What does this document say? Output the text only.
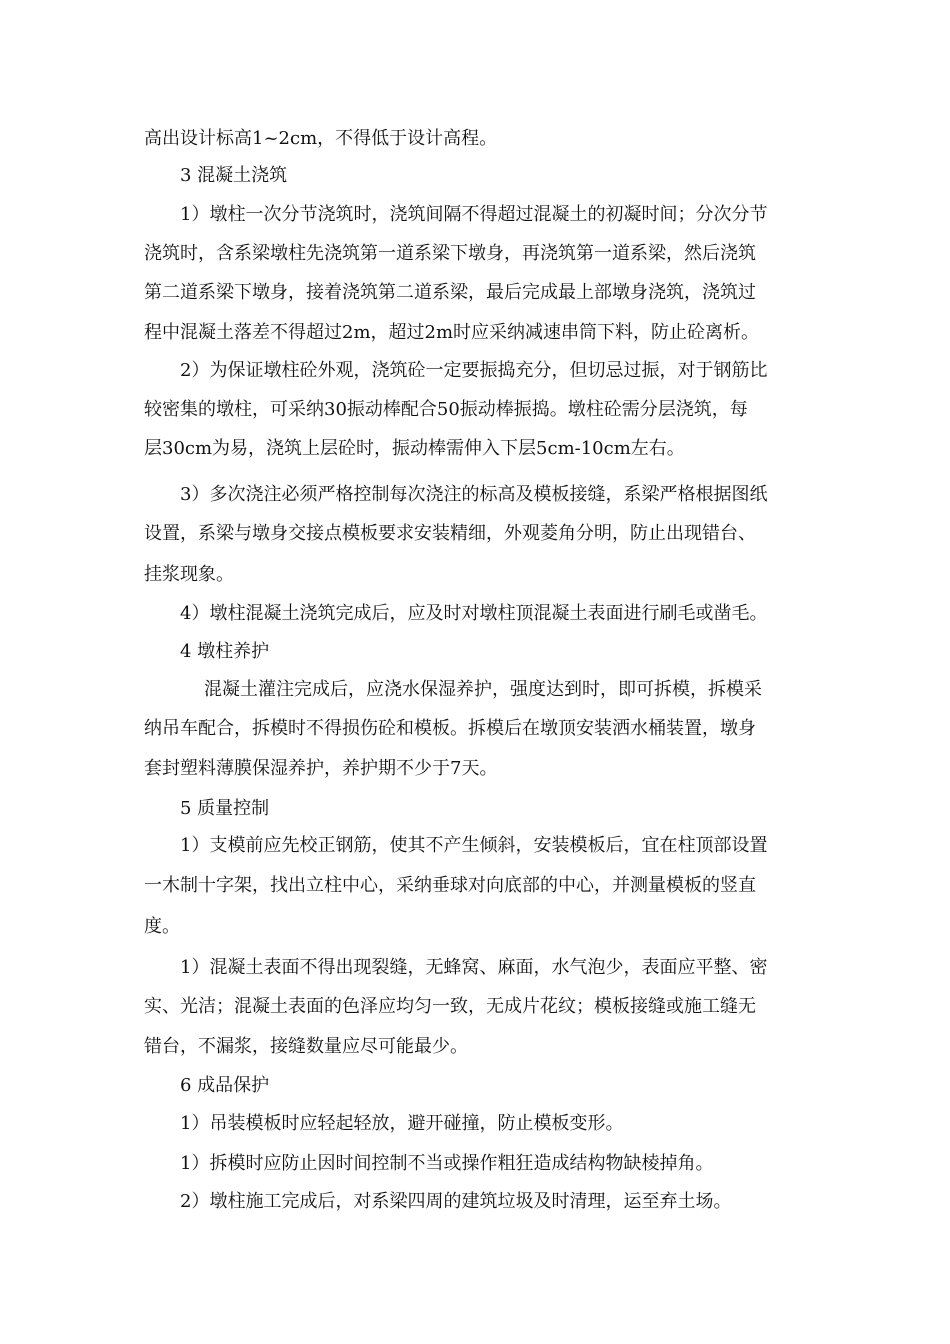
高出设计标高1~2cm，不得低于设计高程。
3 混凝土浇筑
1）墩柱一次分节浇筑时，浇筑间隔不得超过混凝土的初凝时间；分次分节
浇筑时，含系梁墩柱先浇筑第一道系梁下墩身，再浇筑第一道系梁，然后浇筑
第二道系梁下墩身，接着浇筑第二道系梁，最后完成最上部墩身浇筑，浇筑过
程中混凝土落差不得超过2m，超过2m时应采纳减速串筒下料，防止砼离析。
2）为保证墩柱砼外观，浇筑砼一定要振捣充分，但切忌过振，对于钢筋比
较密集的墩柱，可采纳30振动棒配合50振动棒振捣。墩柱砼需分层浇筑，每
层30cm为易，浇筑上层砼时，振动棒需伸入下层5cm-10cm左右。
3）多次浇注必须严格控制每次浇注的标高及模板接缝，系梁严格根据图纸
设置，系梁与墩身交接点模板要求安装精细，外观菱角分明，防止出现错台、
挂浆现象。
4）墩柱混凝土浇筑完成后，应及时对墩柱顶混凝土表面进行刷毛或凿毛。
4 墩柱养护
混凝土灌注完成后，应浇水保湿养护，强度达到时，即可拆模，拆模采
纳吊车配合，拆模时不得损伤砼和模板。拆模后在墩顶安装洒水桶装置，墩身
套封塑料薄膜保湿养护，养护期不少于7天。
5 质量控制
1）支模前应先校正钢筋，使其不产生倾斜，安装模板后，宜在柱顶部设置
一木制十字架，找出立柱中心，采纳垂球对向底部的中心，并测量模板的竖直
度。
1）混凝土表面不得出现裂缝，无蜂窝、麻面，水气泡少，表面应平整、密
实、光洁；混凝土表面的色泽应均匀一致，无成片花纹；模板接缝或施工缝无
错台，不漏浆，接缝数量应尽可能最少。
6 成品保护
1）吊装模板时应轻起轻放，避开碰撞，防止模板变形。
1）拆模时应防止因时间控制不当或操作粗狂造成结构物缺棱掉角。
2）墩柱施工完成后，对系梁四周的建筑垃圾及时清理，运至弃土场。
